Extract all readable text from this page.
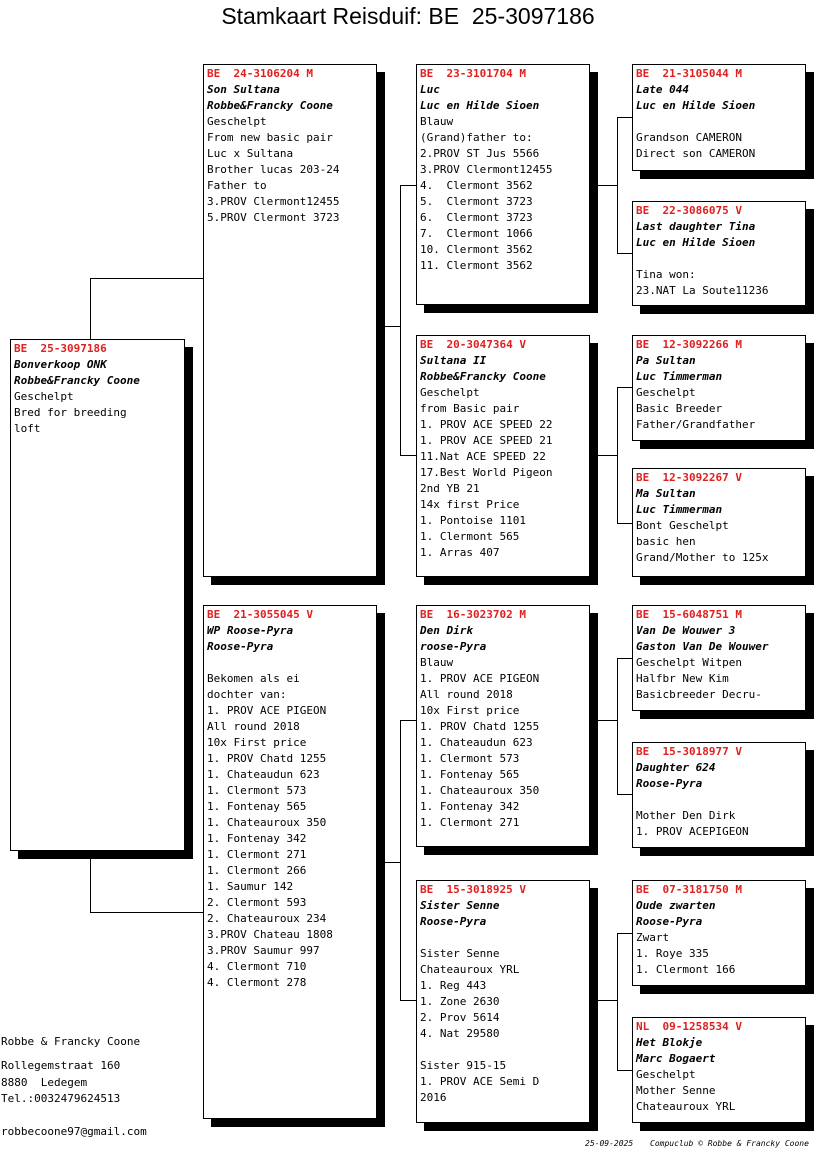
Stamkaart Reisduif: BE  25-3097186
BE  25-3097186
Bonverkoop ONK
Robbe&Francky Coone
Geschelpt
Bred for breeding
loft
BE  24-3106204 M
Son Sultana
Robbe&Francky Coone
Geschelpt
From new basic pair
Luc x Sultana
Brother lucas 203-24
Father to
3.PROV Clermont12455
5.PROV Clermont 3723
BE  21-3055045 V
WP Roose-Pyra
Roose-Pyra
Bekomen als ei
dochter van:
1. PROV ACE PIGEON
All round 2018
10x First price
1. PROV Chatd 1255
1. Chateaudun 623
1. Clermont 573
1. Fontenay 565
1. Chateauroux 350
1. Fontenay 342
1. Clermont 271
1. Clermont 266
1. Saumur 142
2. Clermont 593
2. Chateauroux 234
3.PROV Chateau 1808
3.PROV Saumur 997
4. Clermont 710
4. Clermont 278
BE  23-3101704 M
Luc
Luc en Hilde Sioen
Blauw
(Grand)father to:
2.PROV ST Jus 5566
3.PROV Clermont12455
4.  Clermont 3562
5.  Clermont 3723
6.  Clermont 3723
7.  Clermont 1066
10. Clermont 3562
11. Clermont 3562
BE  20-3047364 V
Sultana II
Robbe&Francky Coone
Geschelpt
from Basic pair
1. PROV ACE SPEED 22
1. PROV ACE SPEED 21
11.Nat ACE SPEED 22
17.Best World Pigeon
2nd YB 21
14x first Price
1. Pontoise 1101
1. Clermont 565
1. Arras 407
BE  16-3023702 M
Den Dirk
roose-Pyra
Blauw
1. PROV ACE PIGEON
All round 2018
10x First price
1. PROV Chatd 1255
1. Chateaudun 623
1. Clermont 573
1. Fontenay 565
1. Chateauroux 350
1. Fontenay 342
1. Clermont 271
BE  15-3018925 V
Sister Senne
Roose-Pyra
Sister Senne
Chateauroux YRL
1. Reg 443
1. Zone 2630
2. Prov 5614
4. Nat 29580
Sister 915-15
1. PROV ACE Semi D
2016
BE  21-3105044 M
Late 044
Luc en Hilde Sioen
Grandson CAMERON
Direct son CAMERON
BE  22-3086075 V
Last daughter Tina
Luc en Hilde Sioen
Tina won:
23.NAT La Soute11236
BE  12-3092266 M
Pa Sultan
Luc Timmerman
Geschelpt
Basic Breeder
Father/Grandfather
BE  12-3092267 V
Ma Sultan
Luc Timmerman
Bont Geschelpt
basic hen
Grand/Mother to 125x
BE  15-6048751 M
Van De Wouwer 3
Gaston Van De Wouwer
Geschelpt Witpen
Halfbr New Kim
Basicbreeder Decru-
BE  15-3018977 V
Daughter 624
Roose-Pyra
Mother Den Dirk
1. PROV ACEPIGEON
BE  07-3181750 M
Oude zwarten
Roose-Pyra
Zwart
1. Roye 335
1. Clermont 166
NL  09-1258534 V
Het Blokje
Marc Bogaert
Geschelpt
Mother Senne
Chateauroux YRL
Robbe & Francky Coone
Rollegemstraat 160
8880  Ledegem
Tel.:0032479624513
robbecoone97@gmail.com
25-09-2025 Compuclub © Robbe & Francky Coone
